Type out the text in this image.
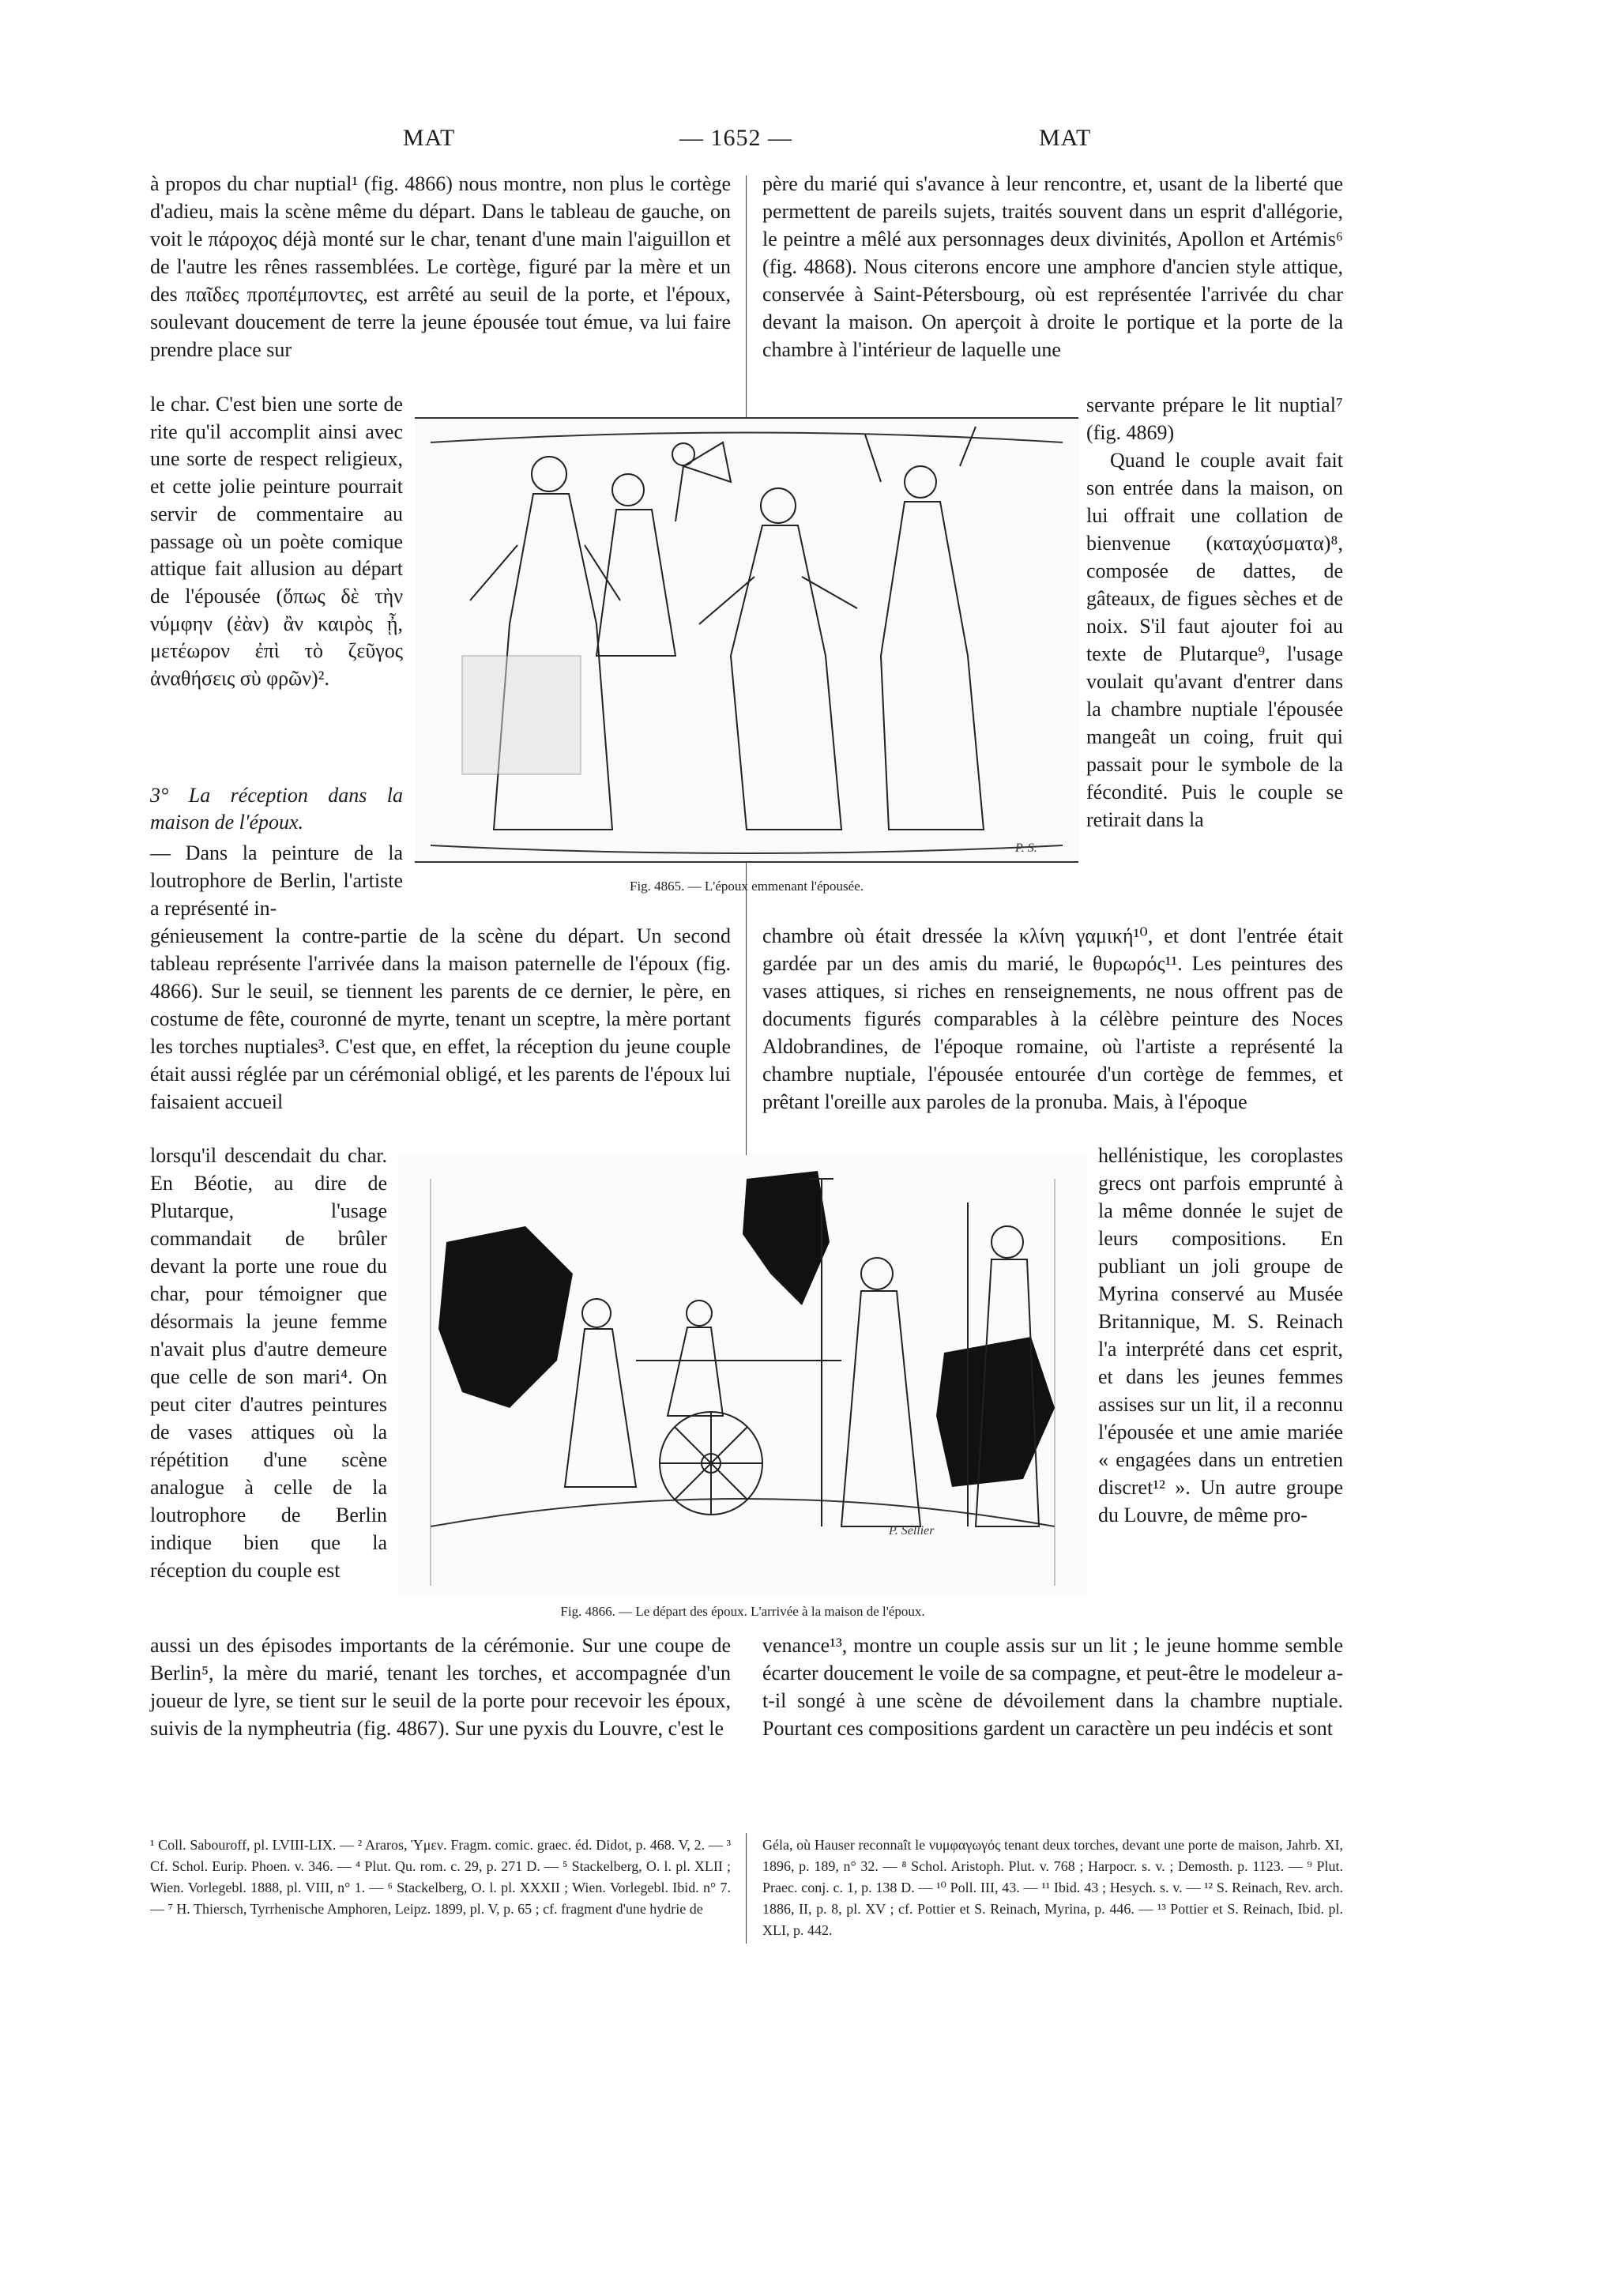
MAT	— 1652 —	MAT

à propos du char nuptial¹ (fig. 4866) nous montre, non plus le cortège d'adieu, mais la scène même du départ. Dans le tableau de gauche, on voit le πάροχος déjà monté sur le char, tenant d'une main l'aiguillon et de l'autre les rênes rassemblées. Le cortège, figuré par la mère et un des παῖδες προπέμποντες, est arrêté au seuil de la porte, et l'époux, soulevant doucement de terre la jeune épousée tout émue, va lui faire prendre place sur

le char. C'est bien une sorte de rite qu'il accomplit ainsi avec une sorte de respect religieux, et cette jolie peinture pourrait servir de commentaire au passage où un poète comique attique fait allusion au départ de l'épousée (ὅπως δὲ τὴν νύμφην (ἐὰν) ἂν καιρὸς ᾖ, μετέωρον ἐπὶ τὸ ζεῦγος ἀναθήσεις σὺ φρῶν)².

3° La réception dans la maison de l'époux.

— Dans la peinture de la loutrophore de Berlin, l'artiste a représenté in-

génieusement la contre-partie de la scène du départ. Un second tableau représente l'arrivée dans la maison paternelle de l'époux (fig. 4866). Sur le seuil, se tiennent les parents de ce dernier, le père, en costume de fête, couronné de myrte, tenant un sceptre, la mère portant les torches nuptiales³. C'est que, en effet, la réception du jeune couple était aussi réglée par un cérémonial obligé, et les parents de l'époux lui faisaient accueil

lorsqu'il descendait du char. En Béotie, au dire de Plutarque, l'usage commandait de brûler devant la porte une roue du char, pour témoigner que désormais la jeune femme n'avait plus d'autre demeure que celle de son mari⁴. On peut citer d'autres peintures de vases attiques où la répétition d'une scène analogue à celle de la loutrophore de Berlin indique bien que la réception du couple est

aussi un des épisodes importants de la cérémonie. Sur une coupe de Berlin⁵, la mère du marié, tenant les torches, et accompagnée d'un joueur de lyre, se tient sur le seuil de la porte pour recevoir les époux, suivis de la nympheutria (fig. 4867). Sur une pyxis du Louvre, c'est le

père du marié qui s'avance à leur rencontre, et, usant de la liberté que permettent de pareils sujets, traités souvent dans un esprit d'allégorie, le peintre a mêlé aux personnages deux divinités, Apollon et Artémis⁶ (fig. 4868). Nous citerons encore une amphore d'ancien style attique, conservée à Saint-Pétersbourg, où est représentée l'arrivée du char devant la maison. On aperçoit à droite le portique et la porte de la chambre à l'intérieur de laquelle une

servante prépare le lit nuptial⁷ (fig. 4869)

Quand le couple avait fait son entrée dans la maison, on lui offrait une collation de bienvenue (καταχύσματα)⁸, composée de dattes, de gâteaux, de figues sèches et de noix. S'il faut ajouter foi au texte de Plutarque⁹, l'usage voulait qu'avant d'entrer dans la chambre nuptiale l'épousée mangeât un coing, fruit qui passait pour le symbole de la fécondité. Puis le couple se retirait dans la

chambre où était dressée la κλίνη γαμική¹⁰, et dont l'entrée était gardée par un des amis du marié, le θυρωρός¹¹. Les peintures des vases attiques, si riches en renseignements, ne nous offrent pas de documents figurés comparables à la célèbre peinture des Noces Aldobrandines, de l'époque romaine, où l'artiste a représenté la chambre nuptiale, l'épousée entourée d'un cortège de femmes, et prêtant l'oreille aux paroles de la pronuba. Mais, à l'époque

hellénistique, les coroplastes grecs ont parfois emprunté à la même donnée le sujet de leurs compositions. En publiant un joli groupe de Myrina conservé au Musée Britannique, M. S. Reinach l'a interprété dans cet esprit, et dans les jeunes femmes assises sur un lit, il a reconnu l'épousée et une amie mariée « engagées dans un entretien discret¹² ». Un autre groupe du Louvre, de même pro-

venance¹³, montre un couple assis sur un lit ; le jeune homme semble écarter doucement le voile de sa compagne, et peut-être le modeleur a-t-il songé à une scène de dévoilement dans la chambre nuptiale. Pourtant ces compositions gardent un caractère un peu indécis et sont

P. S.
Fig. 4865. — L'époux emmenant l'épousée.
P. Sellier
Fig. 4866. — Le départ des époux. L'arrivée à la maison de l'époux.
¹ Coll. Sabouroff, pl. LVIII-LIX. — ² Araros, Ὑμεν. Fragm. comic. graec. éd. Didot, p. 468. V, 2. — ³ Cf. Schol. Eurip. Phoen. v. 346. — ⁴ Plut. Qu. rom. c. 29, p. 271 D. — ⁵ Stackelberg, O. l. pl. XLII ; Wien. Vorlegebl. 1888, pl. VIII, n° 1. — ⁶ Stackelberg, O. l. pl. XXXII ; Wien. Vorlegebl. Ibid. n° 7. — ⁷ H. Thiersch, Tyrrhenische Amphoren, Leipz. 1899, pl. V, p. 65 ; cf. fragment d'une hydrie de
Géla, où Hauser reconnaît le νυμφαγωγός tenant deux torches, devant une porte de maison, Jahrb. XI, 1896, p. 189, n° 32. — ⁸ Schol. Aristoph. Plut. v. 768 ; Harpocr. s. v. ; Demosth. p. 1123. — ⁹ Plut. Praec. conj. c. 1, p. 138 D. — ¹⁰ Poll. III, 43. — ¹¹ Ibid. 43 ; Hesych. s. v. — ¹² S. Reinach, Rev. arch. 1886, II, p. 8, pl. XV ; cf. Pottier et S. Reinach, Myrina, p. 446. — ¹³ Pottier et S. Reinach, Ibid. pl. XLI, p. 442.
